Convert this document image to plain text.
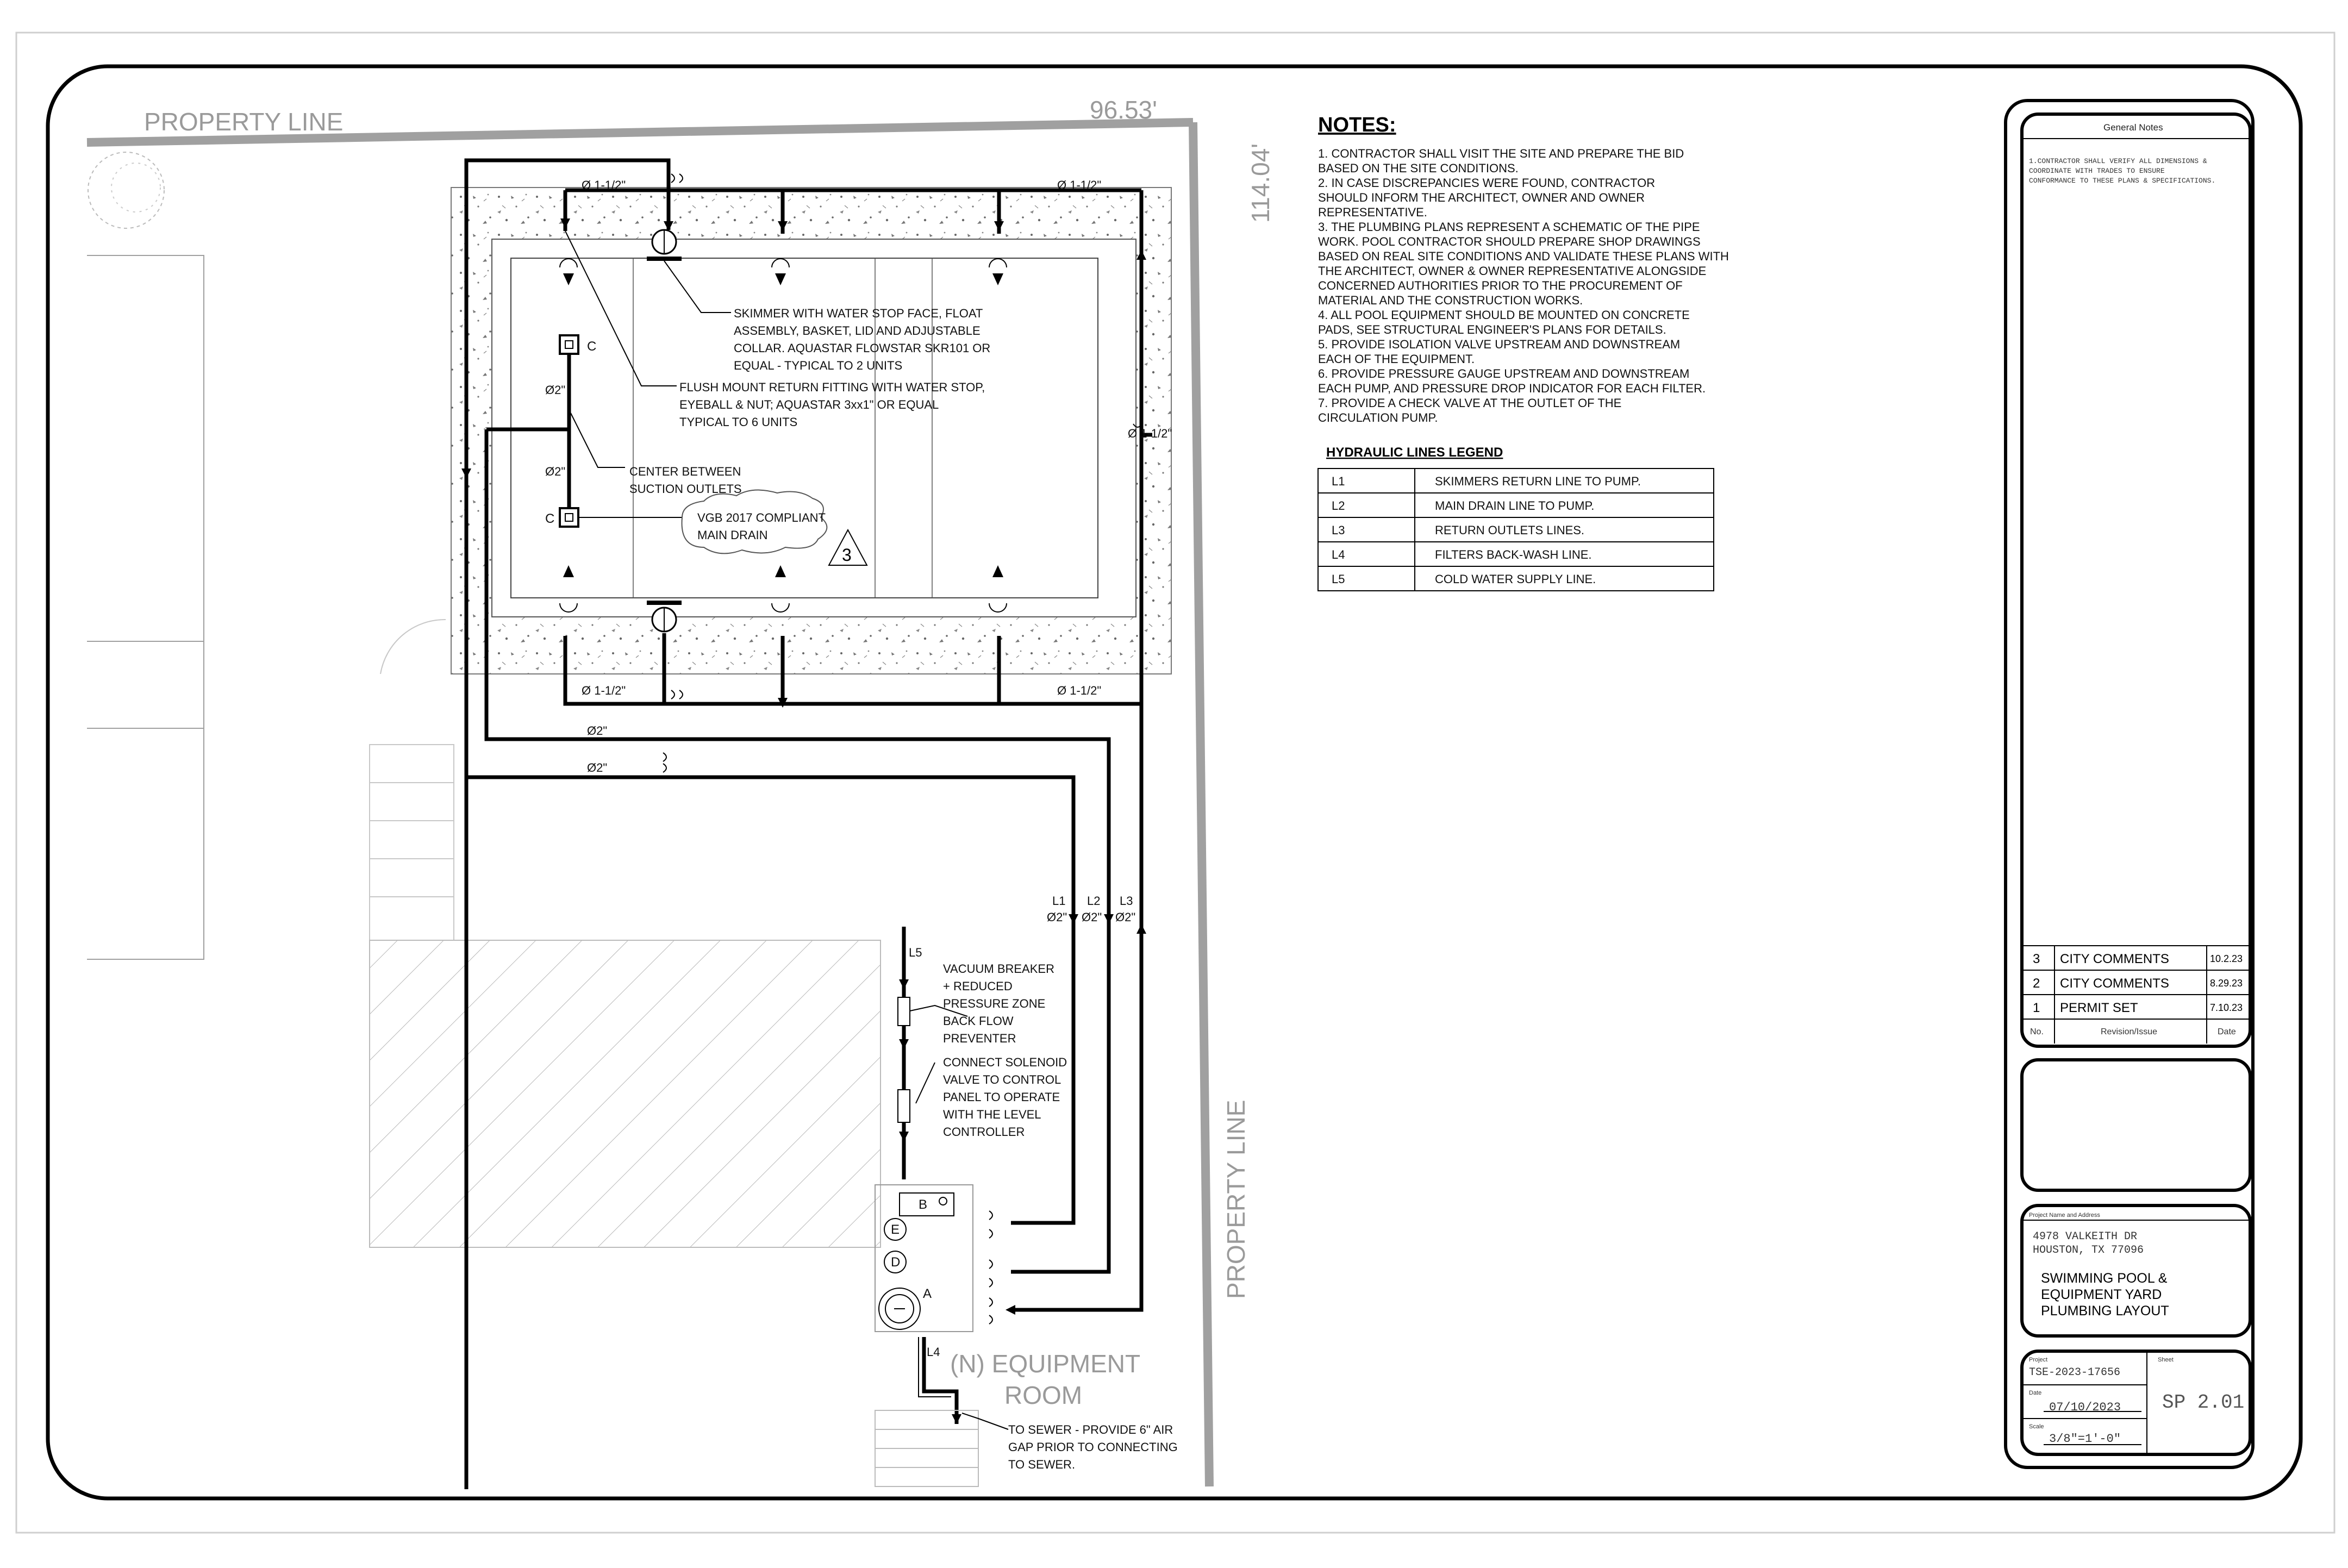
PROPERTY LINE	96.53'
114.04'
PROPERTY LINE
C
C
3
B
E
D
A
(N) EQUIPMENT
ROOM
Ø 1-1/2"	Ø 1-1/2"
Ø 1-1/2"	Ø 1-1/2"
Ø 1-1/2"
Ø2"
Ø2"
Ø2"
Ø2"
L1 L2 L3
Ø2" Ø2" Ø2"
L5
L4
SKIMMER WITH WATER STOP FACE, FLOAT
ASSEMBLY, BASKET, LID AND ADJUSTABLE
COLLAR. AQUASTAR FLOWSTAR SKR101 OR
EQUAL - TYPICAL TO 2 UNITS
FLUSH MOUNT RETURN FITTING WITH WATER STOP,
EYEBALL & NUT; AQUASTAR 3xx1" OR EQUAL
TYPICAL TO 6 UNITS
CENTER BETWEEN
SUCTION OUTLETS
VGB 2017 COMPLIANT
MAIN DRAIN
VACUUM BREAKER
+ REDUCED
PRESSURE ZONE
BACK FLOW
PREVENTER
CONNECT SOLENOID
VALVE TO CONTROL
PANEL TO OPERATE
WITH THE LEVEL
CONTROLLER
TO SEWER - PROVIDE 6" AIR
GAP PRIOR TO CONNECTING
TO SEWER.
NOTES:
1. CONTRACTOR SHALL VISIT THE SITE AND PREPARE THE BID
BASED ON THE SITE CONDITIONS.
2. IN CASE DISCREPANCIES WERE FOUND, CONTRACTOR
SHOULD INFORM THE ARCHITECT, OWNER AND OWNER
REPRESENTATIVE.
3. THE PLUMBING PLANS REPRESENT A SCHEMATIC OF THE PIPE
WORK. POOL CONTRACTOR SHOULD PREPARE SHOP DRAWINGS
BASED ON REAL SITE CONDITIONS AND VALIDATE THESE PLANS WITH
THE ARCHITECT, OWNER & OWNER REPRESENTATIVE ALONGSIDE
CONCERNED AUTHORITIES PRIOR TO THE PROCUREMENT OF
MATERIAL AND THE CONSTRUCTION WORKS.
4. ALL POOL EQUIPMENT SHOULD BE MOUNTED ON CONCRETE
PADS, SEE STRUCTURAL ENGINEER'S PLANS FOR DETAILS.
5. PROVIDE ISOLATION VALVE UPSTREAM AND DOWNSTREAM
EACH OF THE EQUIPMENT.
6. PROVIDE PRESSURE GAUGE UPSTREAM AND DOWNSTREAM
EACH PUMP, AND PRESSURE DROP INDICATOR FOR EACH FILTER.
7. PROVIDE A CHECK VALVE AT THE OUTLET OF THE
CIRCULATION PUMP.
HYDRAULIC LINES LEGEND
L1	SKIMMERS RETURN LINE TO PUMP.
L2	MAIN DRAIN LINE TO PUMP.
L3	RETURN OUTLETS LINES.
L4	FILTERS BACK-WASH LINE.
L5	COLD WATER SUPPLY LINE.
General Notes
1.CONTRACTOR SHALL VERIFY ALL DIMENSIONS &
COORDINATE WITH TRADES TO ENSURE
CONFORMANCE TO THESE PLANS & SPECIFICATIONS.
3 CITY COMMENTS	10.2.23
2 CITY COMMENTS	8.29.23
1 PERMIT SET	7.10.23
No.	Revision/Issue	Date
Project Name and Address
4978 VALKEITH DR
HOUSTON, TX 77096
SWIMMING POOL &
EQUIPMENT YARD
PLUMBING LAYOUT
Project
TSE-2023-17656
Date
07/10/2023
Scale
3/8"=1'-0"
Sheet
SP 2.01
